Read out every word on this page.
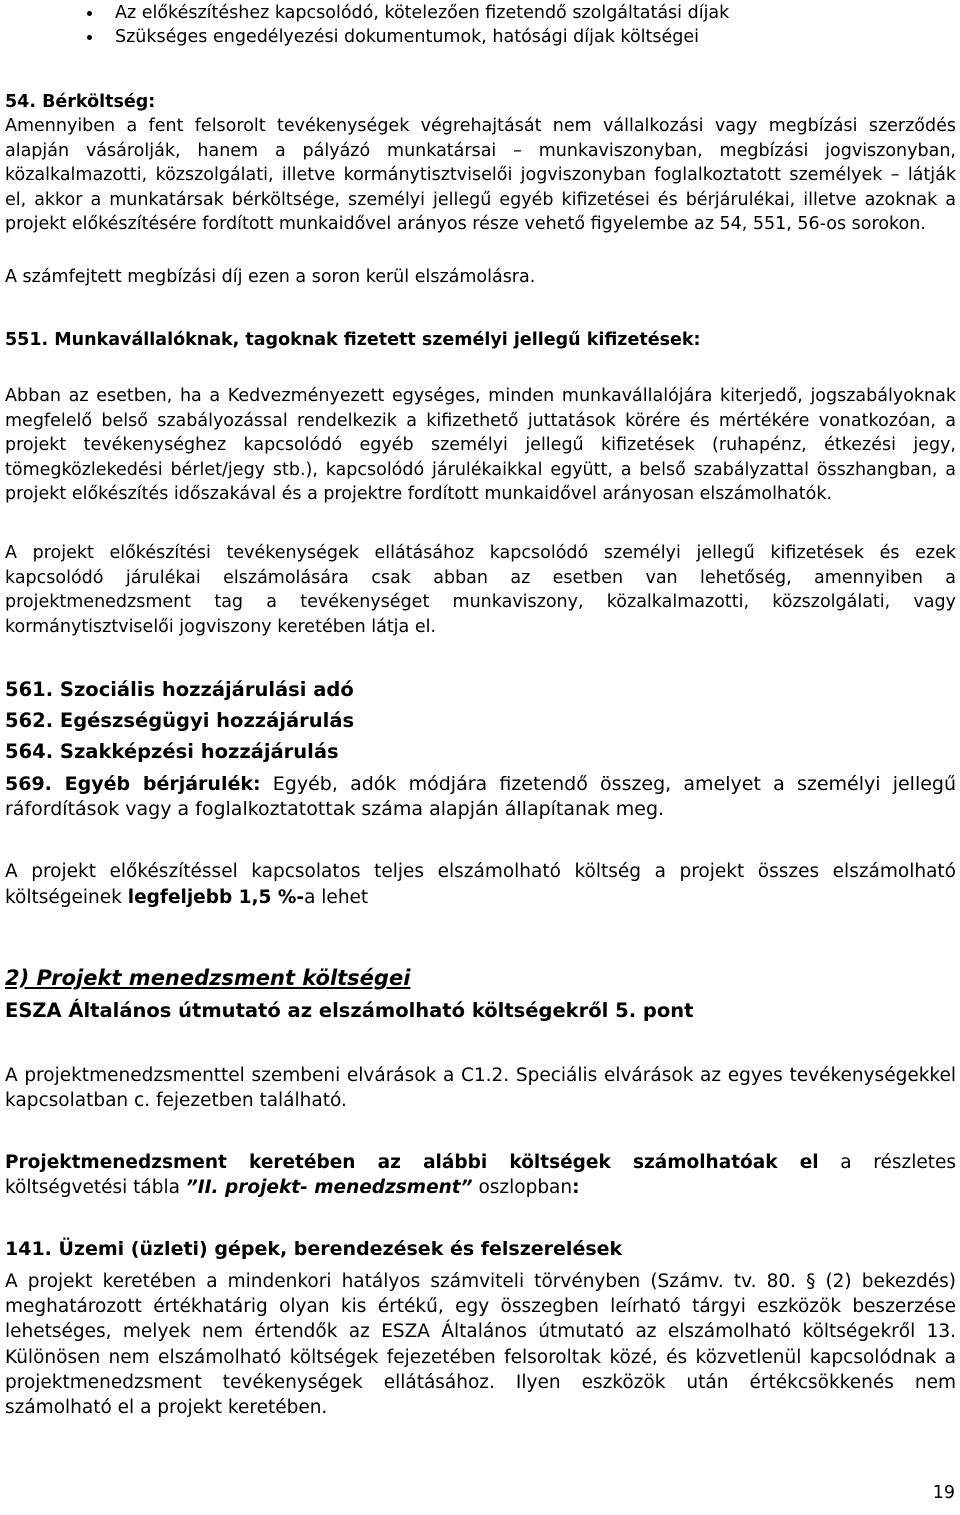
Az előkészítéshez kapcsolódó, kötelezően fizetendő szolgáltatási díjak
Szükséges engedélyezési dokumentumok, hatósági díjak költségei
54. Bérköltség:
Amennyiben a fent felsorolt tevékenységek végrehajtását nem vállalkozási vagy megbízási szerződés alapján vásárolják, hanem a pályázó munkatársai – munkaviszonyban, megbízási jogviszonyban, közalkalmazotti, közszolgálati, illetve kormánytisztviselői jogviszonyban foglalkoztatott személyek – látják el, akkor a munkatársak bérköltsége, személyi jellegű egyéb kifizetései és bérjárulékai, illetve azoknak a projekt előkészítésére fordított munkaidővel arányos része vehető figyelembe az 54, 551, 56-os sorokon.
A számfejtett megbízási díj ezen a soron kerül elszámolásra.
551. Munkavállalóknak, tagoknak fizetett személyi jellegű kifizetések:
Abban az esetben, ha a Kedvezményezett egységes, minden munkavállalójára kiterjedő, jogszabályoknak megfelelő belső szabályozással rendelkezik a kifizethető juttatások körére és mértékére vonatkozóan, a projekt tevékenységhez kapcsolódó egyéb személyi jellegű kifizetések (ruhapénz, étkezési jegy, tömegközlekedési bérlet/jegy stb.), kapcsolódó járulékaikkal együtt, a belső szabályzattal összhangban, a projekt előkészítés időszakával és a projektre fordított munkaidővel arányosan elszámolhatók.
A projekt előkészítési tevékenységek ellátásához kapcsolódó személyi jellegű kifizetések és ezek kapcsolódó járulékai elszámolására csak abban az esetben van lehetőség, amennyiben a projektmenedzsment tag a tevékenységet munkaviszony, közalkalmazotti, közszolgálati, vagy kormánytisztviselői jogviszony keretében látja el.
561. Szociális hozzájárulási adó
562. Egészségügyi hozzájárulás
564. Szakképzési hozzájárulás
569. Egyéb bérjárulék: Egyéb, adók módjára fizetendő összeg, amelyet a személyi jellegű ráfordítások vagy a foglalkoztatottak száma alapján állapítanak meg.
A projekt előkészítéssel kapcsolatos teljes elszámolható költség a projekt összes elszámolható költségeinek legfeljebb 1,5 %-a lehet
2) Projekt menedzsment költségei
ESZA Általános útmutató az elszámolható költségekről 5. pont
A projektmenedzsmenttel szembeni elvárások a C1.2. Speciális elvárások az egyes tevékenységekkel kapcsolatban c. fejezetben található.
Projektmenedzsment keretében az alábbi költségek számolhatóak el a részletes költségvetési tábla ”II. projekt- menedzsment” oszlopban:
141. Üzemi (üzleti) gépek, berendezések és felszerelések
A projekt keretében a mindenkori hatályos számviteli törvényben (Számv. tv. 80. § (2) bekezdés) meghatározott értékhatárig olyan kis értékű, egy összegben leírható tárgyi eszközök beszerzése lehetséges, melyek nem értendők az ESZA Általános útmutató az elszámolható költségekről 13. Különösen nem elszámolható költségek fejezetében felsoroltak közé, és közvetlenül kapcsolódnak a projektmenedzsment tevékenységek ellátásához. Ilyen eszközök után értékcsökkenés nem számolható el a projekt keretében.
19
